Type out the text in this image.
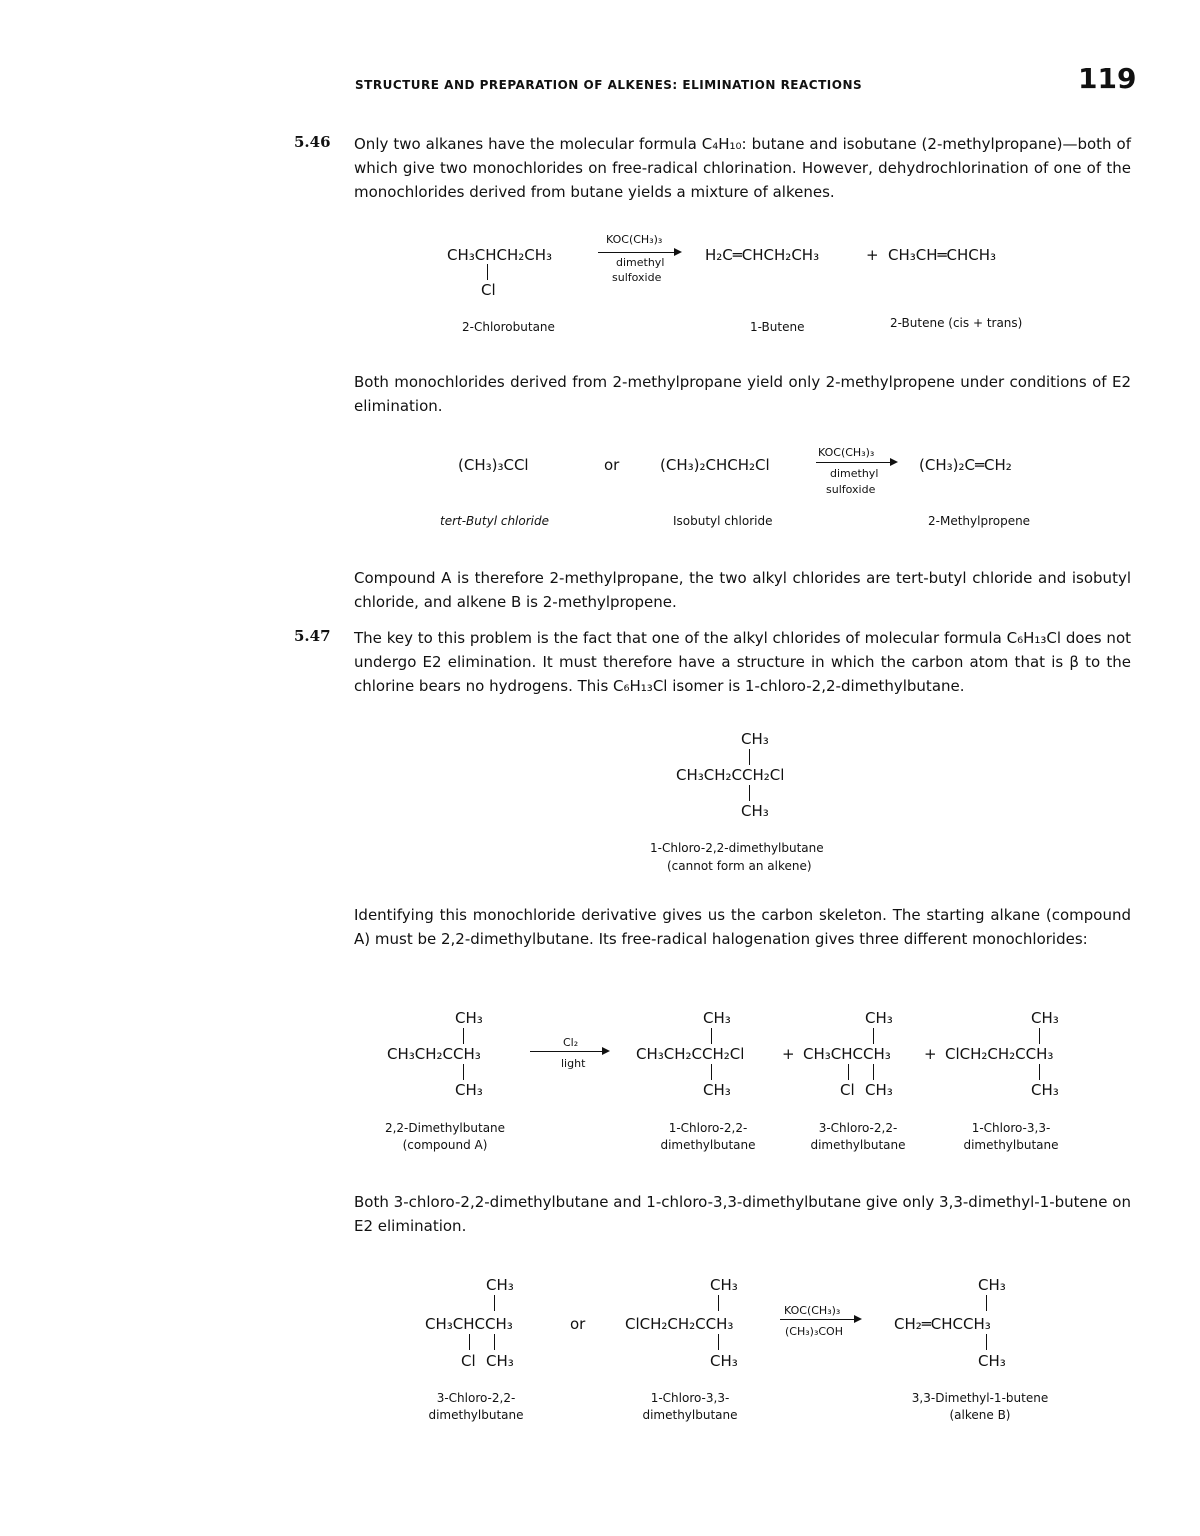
STRUCTURE AND PREPARATION OF ALKENES: ELIMINATION REACTIONS	119
5.46 Only two alkanes have the molecular formula C₄H₁₀: butane and isobutane (2-methylpropane)—both of which give two monochlorides on free-radical chlorination. However, dehydrochlorination of one of the monochlorides derived from butane yields a mixture of alkenes.
CH₃CHCH₂CH₃
Cl
KOC(CH₃)₃
dimethyl
sulfoxide
H₂C═CHCH₂CH₃	+ CH₃CH═CHCH₃
2-Chlorobutane	1-Butene	2-Butene (cis + trans)
Both monochlorides derived from 2-methylpropane yield only 2-methylpropene under conditions of E2 elimination.
(CH₃)₃CCl	or	(CH₃)₂CHCH₂Cl
KOC(CH₃)₃
dimethyl
sulfoxide
(CH₃)₂C═CH₂
tert-Butyl chloride	Isobutyl chloride	2-Methylpropene
Compound A is therefore 2-methylpropane, the two alkyl chlorides are tert-butyl chloride and isobutyl chloride, and alkene B is 2-methylpropene.
5.47 The key to this problem is the fact that one of the alkyl chlorides of molecular formula C₆H₁₃Cl does not undergo E2 elimination. It must therefore have a structure in which the carbon atom that is β to the chlorine bears no hydrogens. This C₆H₁₃Cl isomer is 1-chloro-2,2-dimethylbutane.
CH₃
CH₃CH₂CCH₂Cl
CH₃
1-Chloro-2,2-dimethylbutane
(cannot form an alkene)
Identifying this monochloride derivative gives us the carbon skeleton. The starting alkane (compound A) must be 2,2-dimethylbutane. Its free-radical halogenation gives three different monochlorides:
CH₃
CH₃CH₂CCH₃
CH₃
Cl₂
light
CH₃
CH₃CH₂CCH₂Cl
CH₃
+
CH₃
CH₃CHCCH₃
Cl CH₃
+
CH₃
ClCH₂CH₂CCH₃
CH₃
2,2-Dimethylbutane
(compound A)
1-Chloro-2,2-
dimethylbutane
3-Chloro-2,2-
dimethylbutane
1-Chloro-3,3-
dimethylbutane
Both 3-chloro-2,2-dimethylbutane and 1-chloro-3,3-dimethylbutane give only 3,3-dimethyl-1-butene on E2 elimination.
CH₃
CH₃CHCCH₃
Cl CH₃
or
CH₃
ClCH₂CH₂CCH₃
CH₃
KOC(CH₃)₃
(CH₃)₃COH
CH₃
CH₂═CHCCH₃
CH₃
3-Chloro-2,2-
dimethylbutane
1-Chloro-3,3-
dimethylbutane
3,3-Dimethyl-1-butene
(alkene B)
